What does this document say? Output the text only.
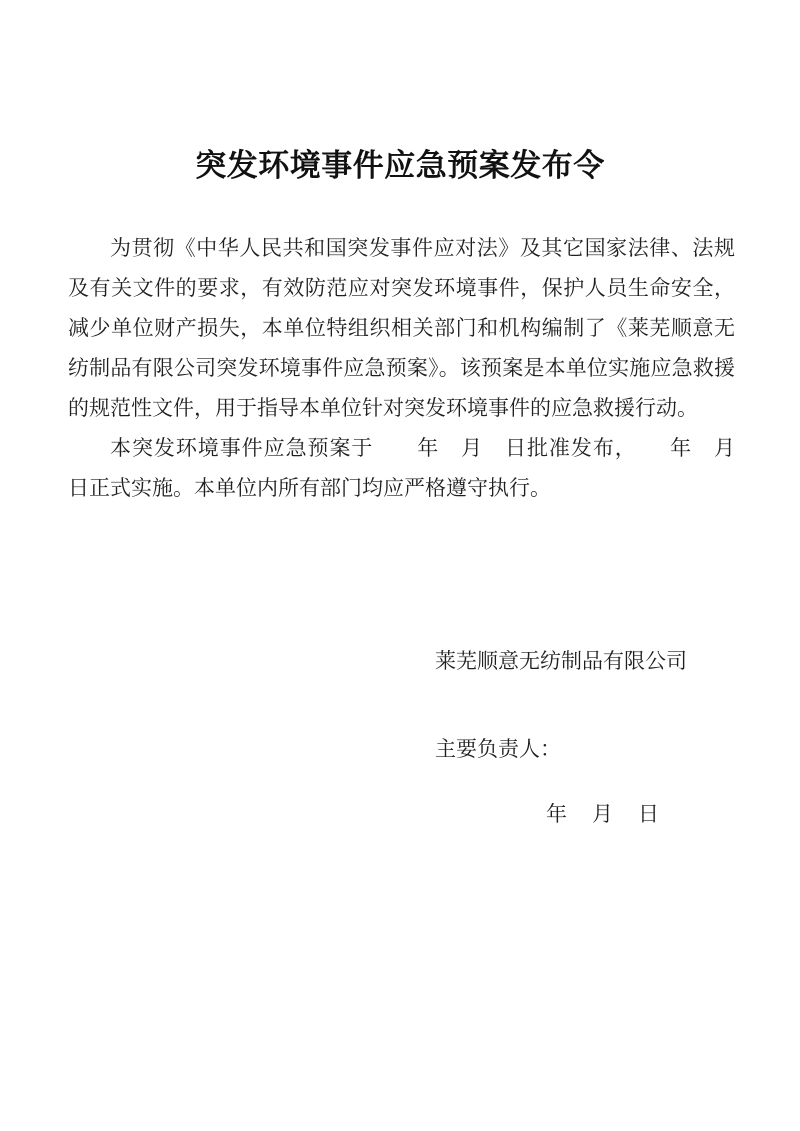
突发环境事件应急预案发布令

为贯彻《中华人民共和国突发事件应对法》及其它国家法律、法规及有关文件的要求，有效防范应对突发环境事件，保护人员生命安全，减少单位财产损失，本单位特组织相关部门和机构编制了《莱芜顺意无纺制品有限公司突发环境事件应急预案》。该预案是本单位实施应急救援的规范性文件，用于指导本单位针对突发环境事件的应急救援行动。

本突发环境事件应急预案于　　年　月　日批准发布，　　年　月　日正式实施。本单位内所有部门均应严格遵守执行。

莱芜顺意无纺制品有限公司

主要负责人：

年　月　日
